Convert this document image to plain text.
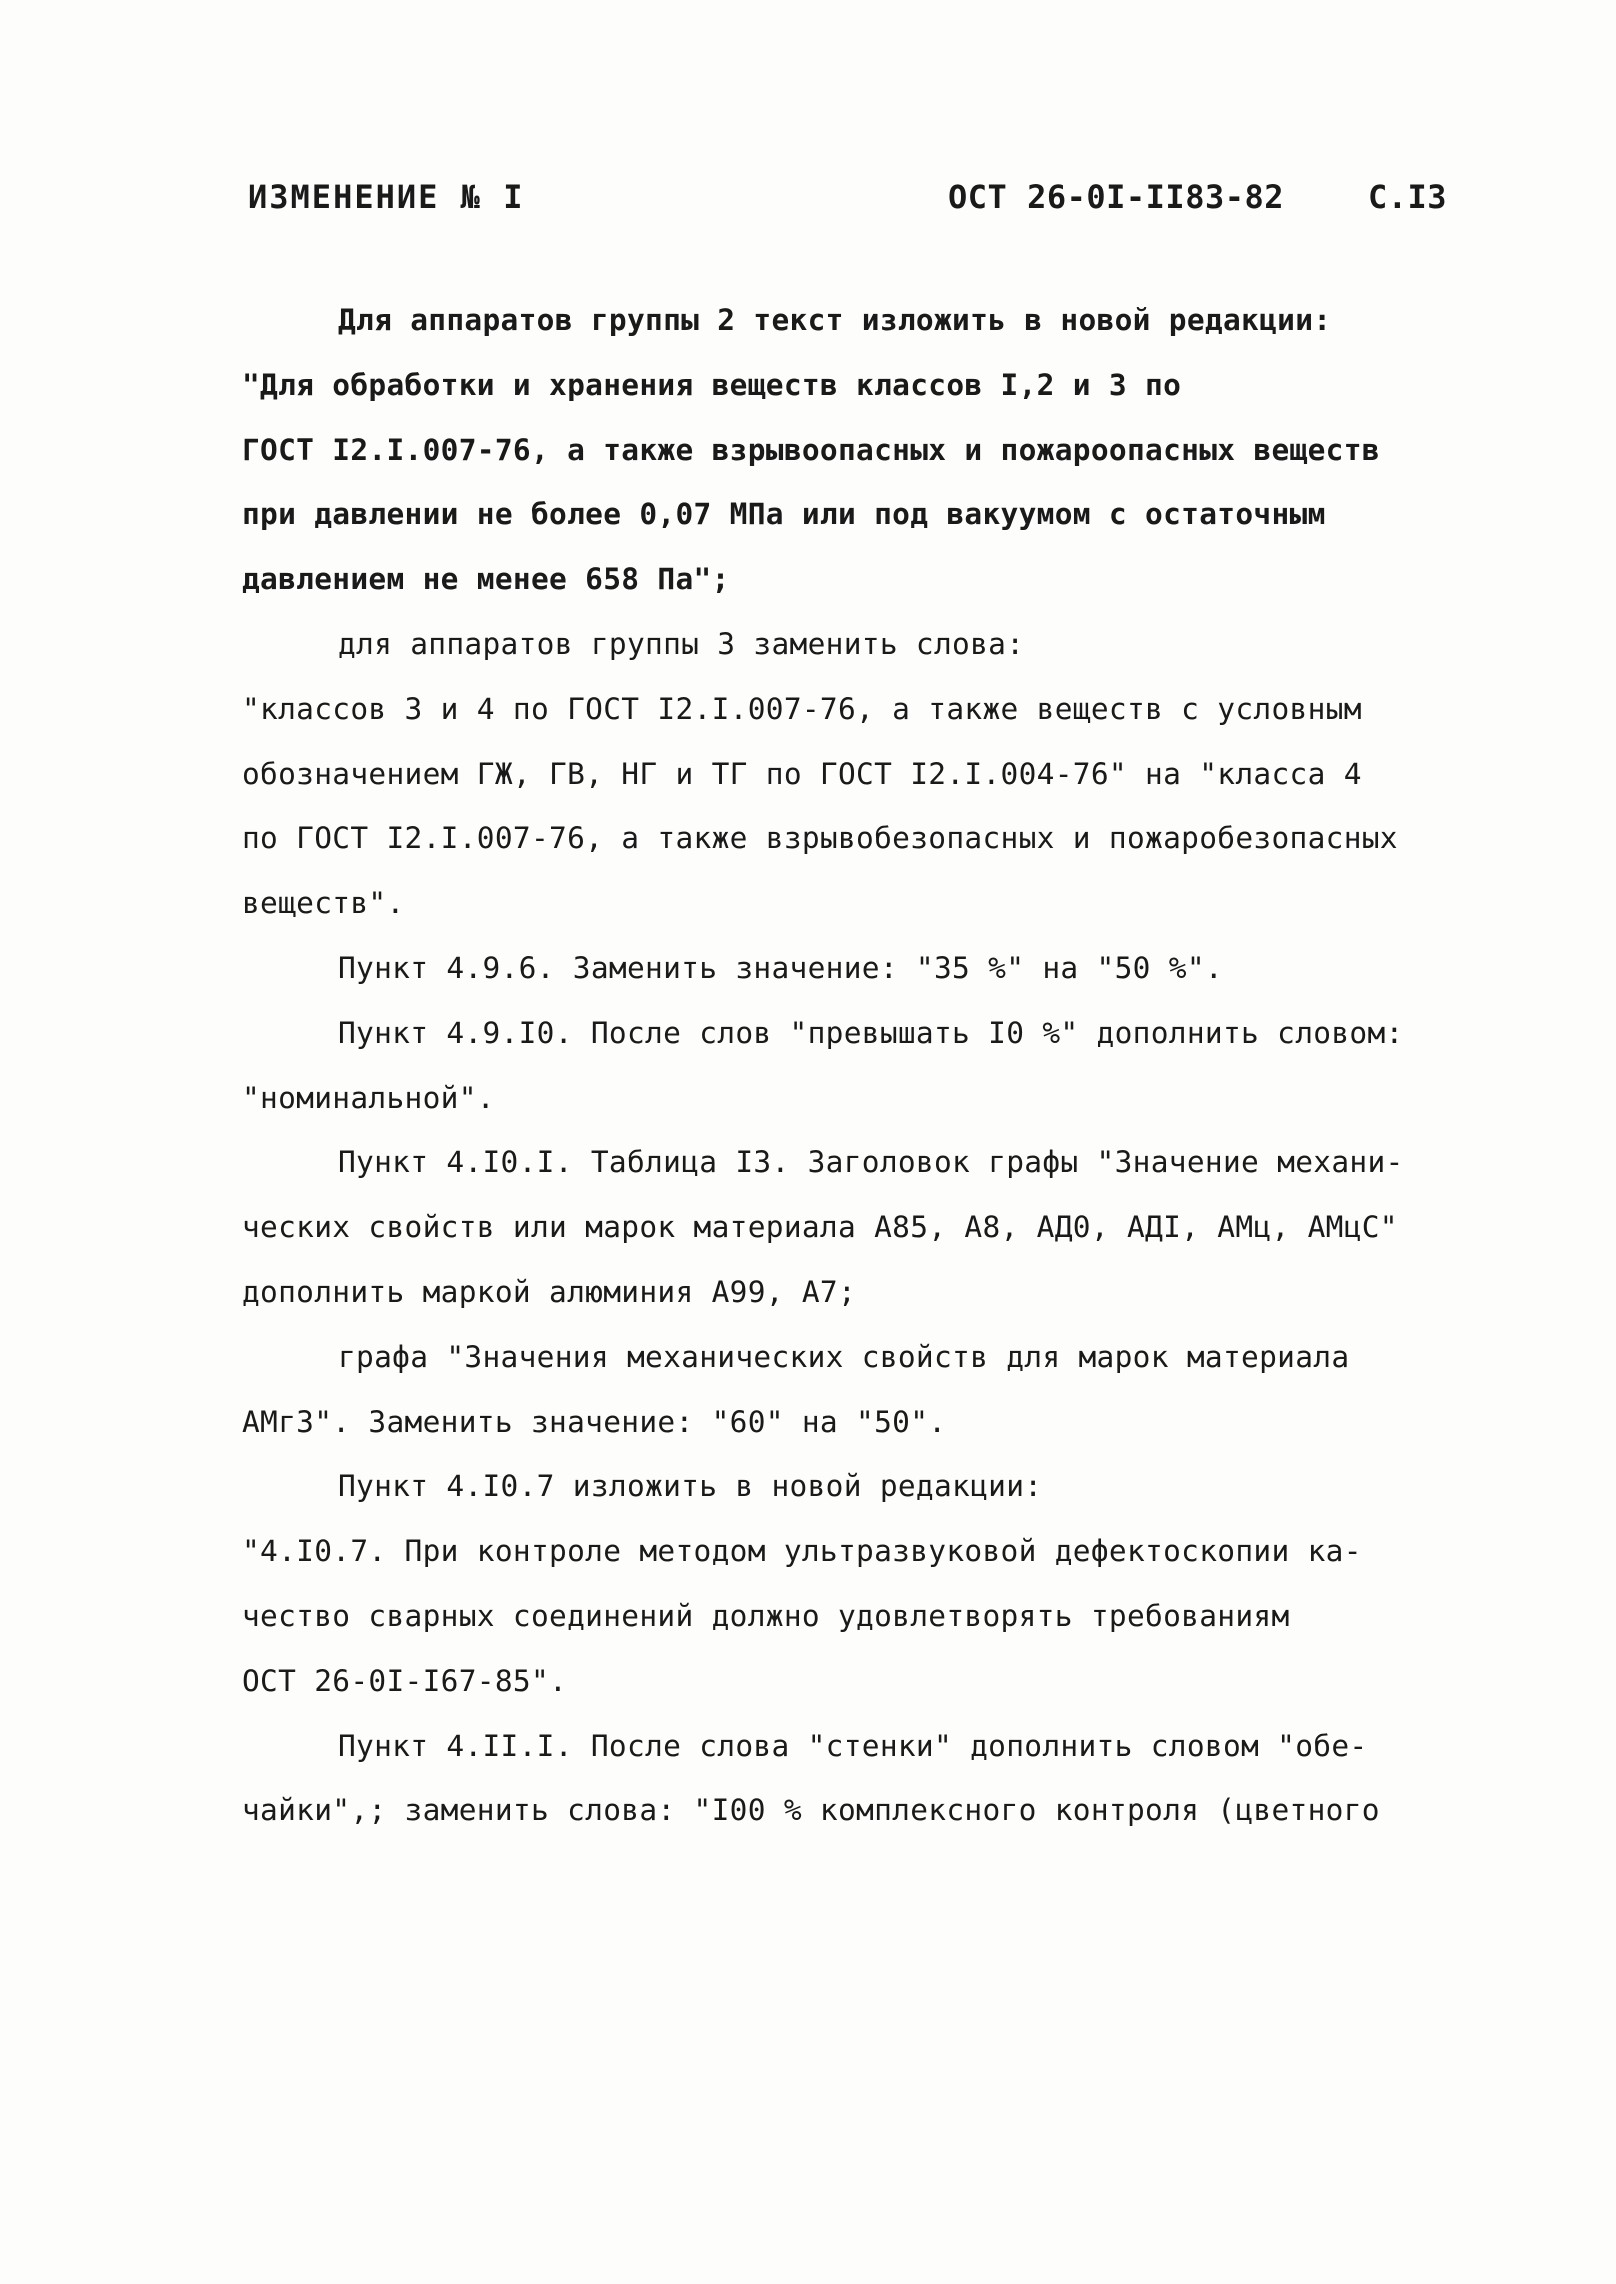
ИЗМЕНЕНИЕ № I	ОСТ 26-0I-II83-82	С.I3
Для аппаратов группы 2 текст изложить в новой редакции:
"Для обработки и хранения веществ классов I,2 и 3 по
ГОСТ I2.I.007-76, а также взрывоопасных и пожароопасных веществ
при давлении не более 0,07 МПа или под вакуумом с остаточным
давлением не менее 658 Па";
для аппаратов группы 3 заменить слова:
"классов 3 и 4 по ГОСТ I2.I.007-76, а также веществ с условным
обозначением ГЖ, ГВ, НГ и ТГ по ГОСТ I2.I.004-76" на "класса 4
по ГОСТ I2.I.007-76, а также взрывобезопасных и пожаробезопасных
веществ".
Пункт 4.9.6. Заменить значение: "35 %" на "50 %".
Пункт 4.9.I0. После слов "превышать I0 %" дополнить словом:
"номинальной".
Пункт 4.I0.I. Таблица I3. Заголовок графы "Значение механи-
ческих свойств или марок материала А85, А8, АД0, АДI, АМц, АМцС"
дополнить маркой алюминия А99, А7;
графа "Значения механических свойств для марок материала
АМг3". Заменить значение: "60" на "50".
Пункт 4.I0.7 изложить в новой редакции:
"4.I0.7. При контроле методом ультразвуковой дефектоскопии ка-
чество сварных соединений должно удовлетворять требованиям
ОСТ 26-0I-I67-85".
Пункт 4.II.I. После слова "стенки" дополнить словом "обе-
чайки",; заменить слова: "I00 % комплексного контроля (цветного
